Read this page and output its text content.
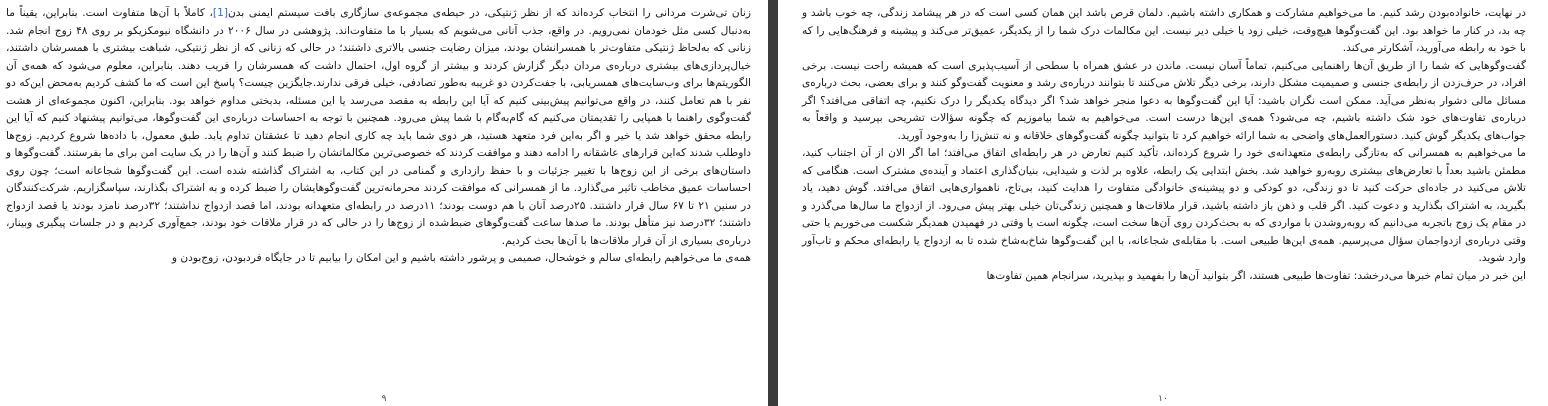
زنان تی‌شرت مردانی را انتخاب کرده‌اند که از نظر ژنتیکی، در حیطه‌ی مجموعه‌ی سازگاری بافت سیستم ایمنی بدن[1]، کاملاً با آن‌ها متفاوت است. بنابراین، یقیناً ما به‌دنبال کسی مثل خودمان نمی‌رویم. در واقع، جذب آنانی می‌شویم که بسیار با ما متفاوت‌اند. پژوهشی در سال ۲۰۰۶ در دانشگاه نیومکزیکو بر روی ۴۸ زوج انجام شد. زنانی که به‌لحاظ ژنتیکی متفاوت‌تر با همسرانشان بودند، میزان رضایت جنسی بالاتری داشتند؛ در حالی که زنانی که از نظر ژنتیکی، شباهت بیشتری با همسرشان داشتند، خیال‌پردازی‌های بیشتری درباره‌ی مردان دیگر گزارش کردند و بیشتر از گروه اول، احتمال داشت که همسرشان را فریب دهند. بنابراین، معلوم می‌شود که همه‌ی آن الگوریتم‌ها برای وب‌سایت‌های همسریابی، با جفت‌کردن دو غریبه به‌طور تصادفی، خیلی فرقی ندارند.جایگزین چیست؟ پاسخ این است که ما کشف کردیم به‌محض این‌که دو نفر با هم تعامل کنند، در واقع می‌توانیم پیش‌بینی کنیم که آیا این رابطه به مقصد می‌رسد یا این مسئله، بدبختی مداوم خواهد بود. بنابراین، اکنون مجموعه‌ای از هشت گفت‌وگوی راهنما با همپایی را تقدیمتان می‌کنیم که گام‌به‌گام با شما پیش می‌رود. همچنین با توجه به احساسات دربار‌ه‌ی این گفت‌وگوها، می‌توانیم پیشنهاد کنیم که آیا این رابطه محقق خواهد شد یا خیر و اگر به‌این فرد متعهد هستید، هر دوی شما باید چه کاری انجام دهید تا عشقتان تداوم یابد. طبق معمول، با داده‌ها شروع کردیم. زوج‌ها داوطلب شدند که‌این قرارهای عاشقانه را ادامه دهند و موافقت کردند که خصوصی‌ترین مکالماتشان را ضبط کنند و آن‌ها را در یک سایت امن برای ما بفرستند. گفت‌وگوها و داستان‌های برخی از این زوج‌ها با تغییر جزئیات و با حفظ رازداری و گمنامی در این کتاب، به اشتراک گذاشته شده است. این گفت‌وگوها شجاعانه است؛ چون روی احساسات عمیق مخاطب تاثیر می‌گذارد. ما از همسرانی که موافقت کردند محرمانه‌ترین گفت‌وگوهایشان را ضبط کرده و به اشتراک بگذارند، سپاسگزاریم. شرکت‌کنندگان در سنین ۲۱ تا ۶۷ سال قرار داشتند. ۲۵درصد آنان با هم دوست بودند؛ ۱۱درصد در رابطه‌ای متعهدانه بودند، اما قصد ازدواج نداشتند؛ ۳۲درصد نامزد بودند یا قصد ازدواج داشتند؛ ۳۲درصد نیز متأهل بودند. ما صدها ساعت گفت‌وگوهای ضبط‌شده از زوج‌ها را در حالی که در قرار ملاقات خود بودند، جمع‌آوری کردیم و در جلسات پیگیری وبینار، درباره‌ی بسیاری از آن قرار ملاقات‌ها با آن‌ها بحث کردیم.

همه‌ی ما می‌خواهیم رابطه‌ای سالم و خوشحال، صمیمی و پرشور داشته باشیم و این امکان را بیابیم تا در جایگاه فردبودن، زوج‌بودن و

۹

در نهایت، خانواده‌بودن رشد کنیم. ما می‌خواهیم مشارکت و همکاری داشته باشیم. دلمان قرص باشد این همان کسی است که در هر پیشامد زندگی، چه خوب باشد و چه بد، در کنار ما خواهد بود. این گفت‌وگوها هیچ‌وقت، خیلی زود یا خیلی دیر نیست. این مکالمات درک شما را از یکدیگر، عمیق‌تر می‌کند و پیشینه و فرهنگ‌هایی را که با خود به رابطه می‌آورید، آشکارتر می‌کند.

گفت‌وگوهایی که شما را از طریق آن‌ها راهنمایی می‌کنیم، تماماً آسان نیست. ماندن در عشق همراه با سطحی از آسیب‌پذیری است که همیشه راحت نیست. برخی افراد، در حرف‌زدن از رابطه‌ی جنسی و صمیمیت مشکل دارند، برخی دیگر تلاش می‌کنند تا بتوانند درباره‌ی رشد و معنویت گفت‌وگو کنند و برای بعضی، بحث درباره‌ی مسائل مالی دشوار به‌نظر می‌آید. ممکن است نگران باشید: آیا این گفت‌وگوها به دعوا منجر خواهد شد؟ اگر دیدگاه یکدیگر را درک نکنیم، چه اتفاقی می‌افتد؟ اگر درباره‌ی تفاوت‌های خود شک داشته باشیم، چه می‌شود؟ همه‌ی این‌ها درست است. می‌خواهیم به شما بیاموزیم که چگونه سؤالات تشریحی بپرسید و واقعاً به جواب‌های یکدیگر گوش کنید. دستورالعمل‌های واضحی به شما ارائه خواهیم کرد تا بتوانید چگونه گفت‌وگوهای خلاقانه و نه تنش‌زا را به‌وجود آورید.

ما می‌خواهیم به همسرانی که به‌تازگی رابطه‌ی متعهدانه‌ی خود را شروع کرده‌اند، تأکید کنیم تعارض در هر رابطه‌ای اتفاق می‌افتد؛ اما اگر الان از آن اجتناب کنید، مطمئن باشید بعداً با تعارض‌های بیشتری روبه‌رو خواهید شد. بخش ابتدایی یک رابطه، علاوه بر لذت و شیدایی، بنیان‌گذاری اعتماد و آینده‌ی مشترک است. هنگامی که تلاش می‌کنید در جاده‌ای حرکت کنید تا دو زندگی، دو کودکی و دو پیشینه‌ی خانوادگی متفاوت را هدایت کنید، بی‌تاج، ناهمواری‌هایی اتفاق می‌افتد. گوش دهید، یاد بگیرید، به اشتراک بگذارید و دعوت کنید. اگر قلب و ذهن باز داشته باشید، قرار ملاقات‌ها و همچنین زندگی‌تان خیلی بهتر پیش می‌رود. از ازدواج ما سال‌ها می‌گذرد و در مقام یک زوج باتجربه می‌دانیم که روبه‌روشدن با مواردی که به بحث‌کردن روی آن‌ها سخت است، چگونه است یا وقتی در فهمیدن همدیگر شکست می‌خوریم یا حتی وقتی درباره‌ی ازدواجمان سؤال می‌پرسیم. همه‌ی این‌ها طبیعی است. با مقابله‌ی شجاعانه، با این گفت‌وگوها شاخ‌به‌شاخ شده تا به ازدواج یا رابطه‌ای محکم و تاب‌آور وارد شوید.

این خبر در میان تمام خبرها می‌درخشد: تفاوت‌ها طبیعی هستند، اگر بتوانید آن‌ها را بفهمید و بپذیرید، سرانجام همین تفاوت‌ها

۱۰
